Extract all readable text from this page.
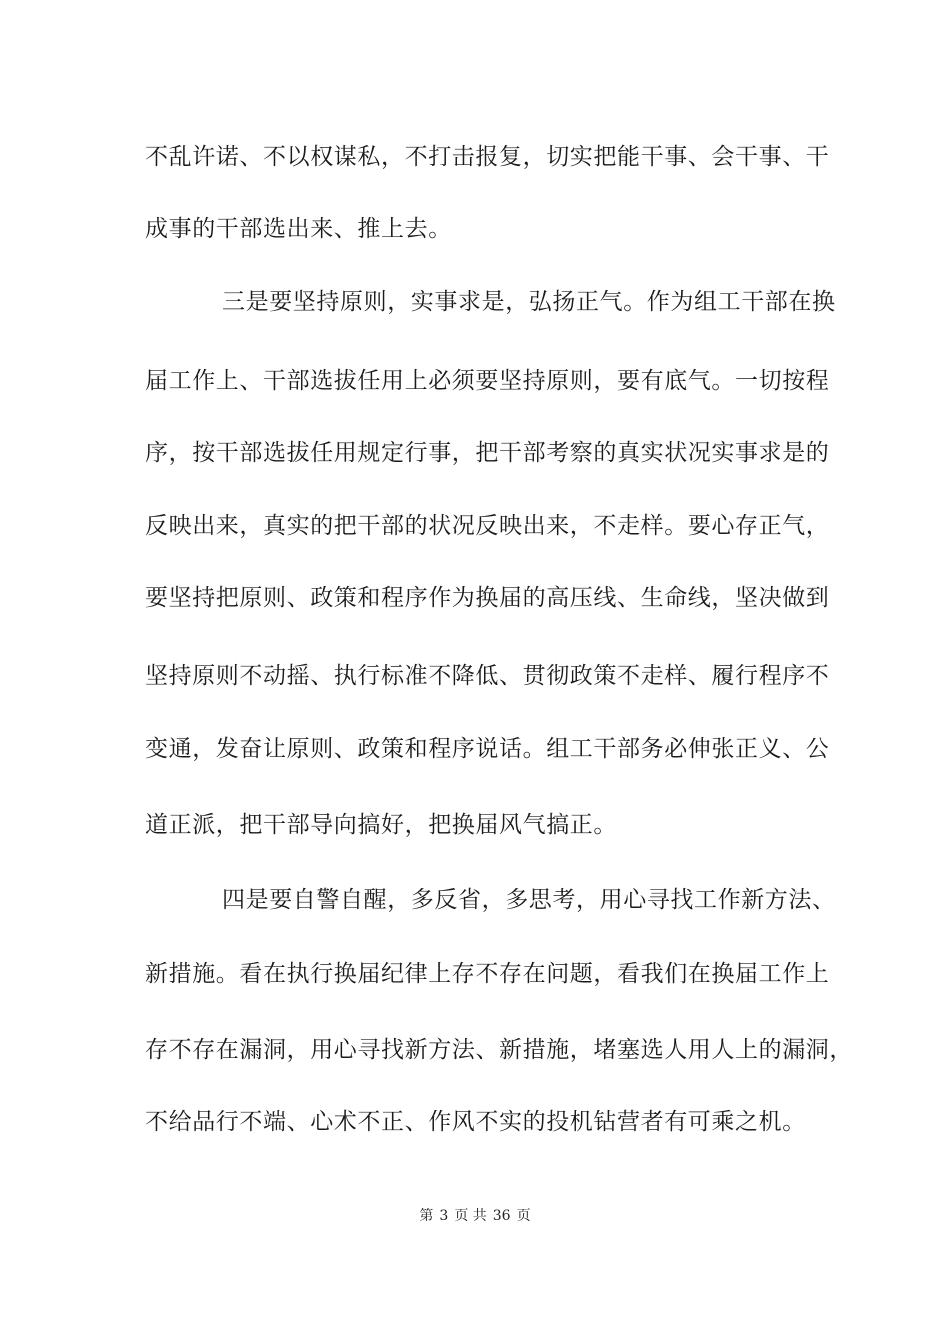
不乱许诺、不以权谋私，不打击报复，切实把能干事、会干事、干
成事的干部选出来、推上去。
三是要坚持原则，实事求是，弘扬正气。作为组工干部在换
届工作上、干部选拔任用上必须要坚持原则，要有底气。一切按程
序，按干部选拔任用规定行事，把干部考察的真实状况实事求是的
反映出来，真实的把干部的状况反映出来，不走样。要心存正气，
要坚持把原则、政策和程序作为换届的高压线、生命线，坚决做到
坚持原则不动摇、执行标准不降低、贯彻政策不走样、履行程序不
变通，发奋让原则、政策和程序说话。组工干部务必伸张正义、公
道正派，把干部导向搞好，把换届风气搞正。
四是要自警自醒，多反省，多思考，用心寻找工作新方法、
新措施。看在执行换届纪律上存不存在问题，看我们在换届工作上
存不存在漏洞，用心寻找新方法、新措施，堵塞选人用人上的漏洞，
不给品行不端、心术不正、作风不实的投机钻营者有可乘之机。
第 3 页 共 36 页
